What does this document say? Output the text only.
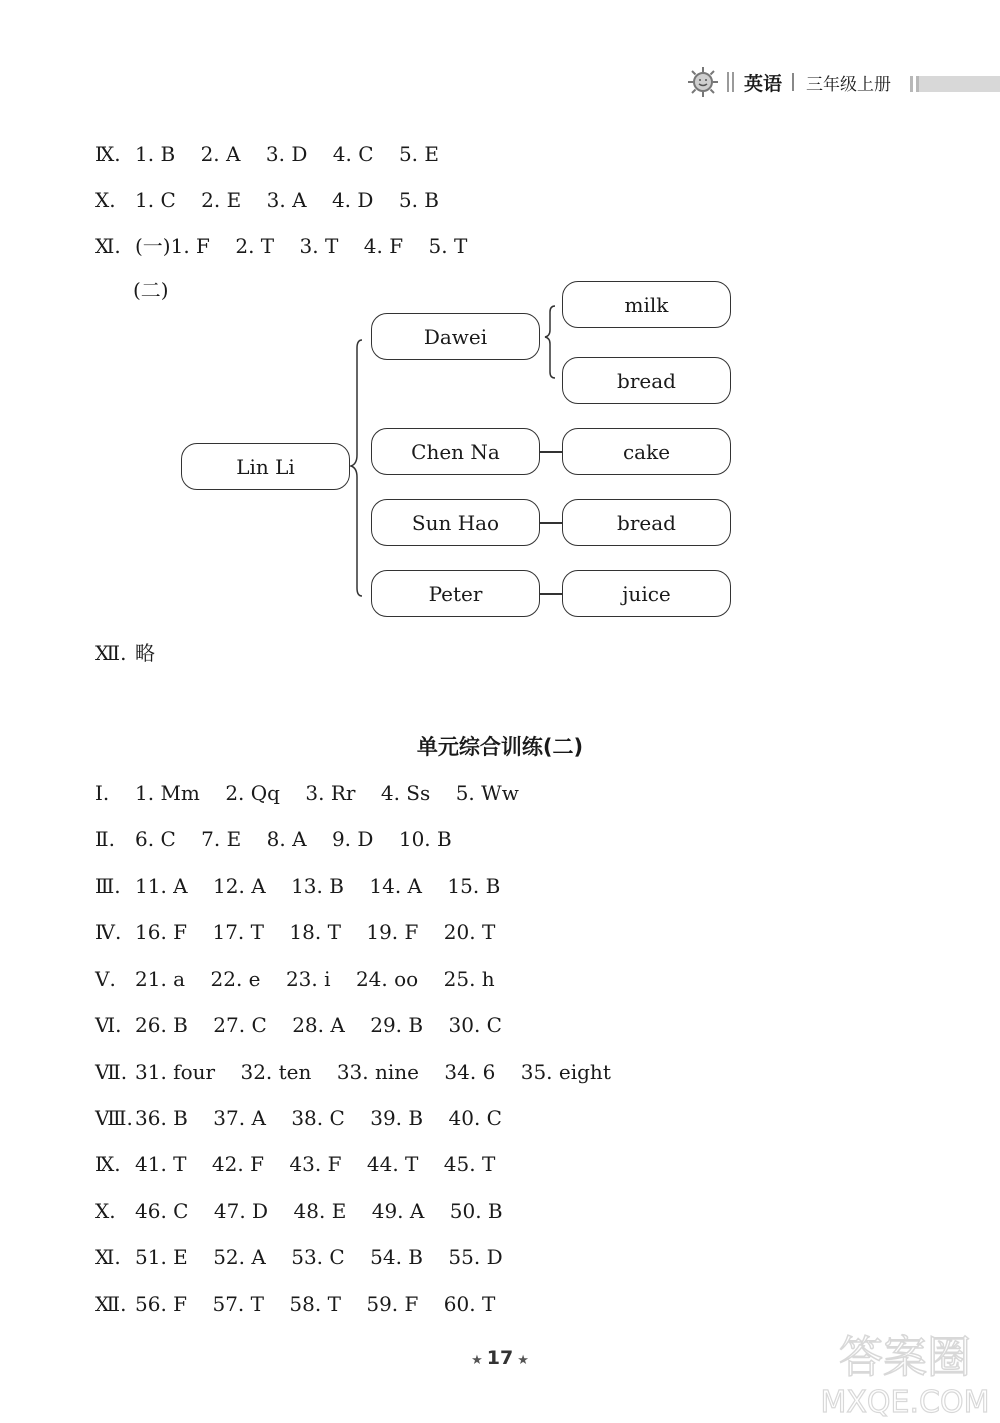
英语 三年级上册
Ⅸ. 1. B    2. A    3. D    4. C    5. E
Ⅹ. 1. C    2. E    3. A    4. D    5. B
Ⅺ. (一)1. F    2. T    3. T    4. F    5. T
(二)
Lin Li
Dawei
milk
bread
Chen Na	cake
Sun Hao	bread
Peter	juice
Ⅻ. 略
单元综合训练(二)
Ⅰ. 1. Mm    2. Qq    3. Rr    4. Ss    5. Ww
Ⅱ. 6. C    7. E    8. A    9. D    10. B
Ⅲ. 11. A    12. A    13. B    14. A    15. B
Ⅳ. 16. F    17. T    18. T    19. F    20. T
Ⅴ. 21. a    22. e    23. i    24. oo    25. h
Ⅵ. 26. B    27. C    28. A    29. B    30. C
Ⅶ. 31. four    32. ten    33. nine    34. 6    35. eight
Ⅷ. 36. B    37. A    38. C    39. B    40. C
Ⅸ. 41. T    42. F    43. F    44. T    45. T
Ⅹ. 46. C    47. D    48. E    49. A    50. B
Ⅺ. 51. E    52. A    53. C    54. B    55. D
Ⅻ. 56. F    57. T    58. T    59. F    60. T
★ 17 ★	答案圈
MXQE.COM
